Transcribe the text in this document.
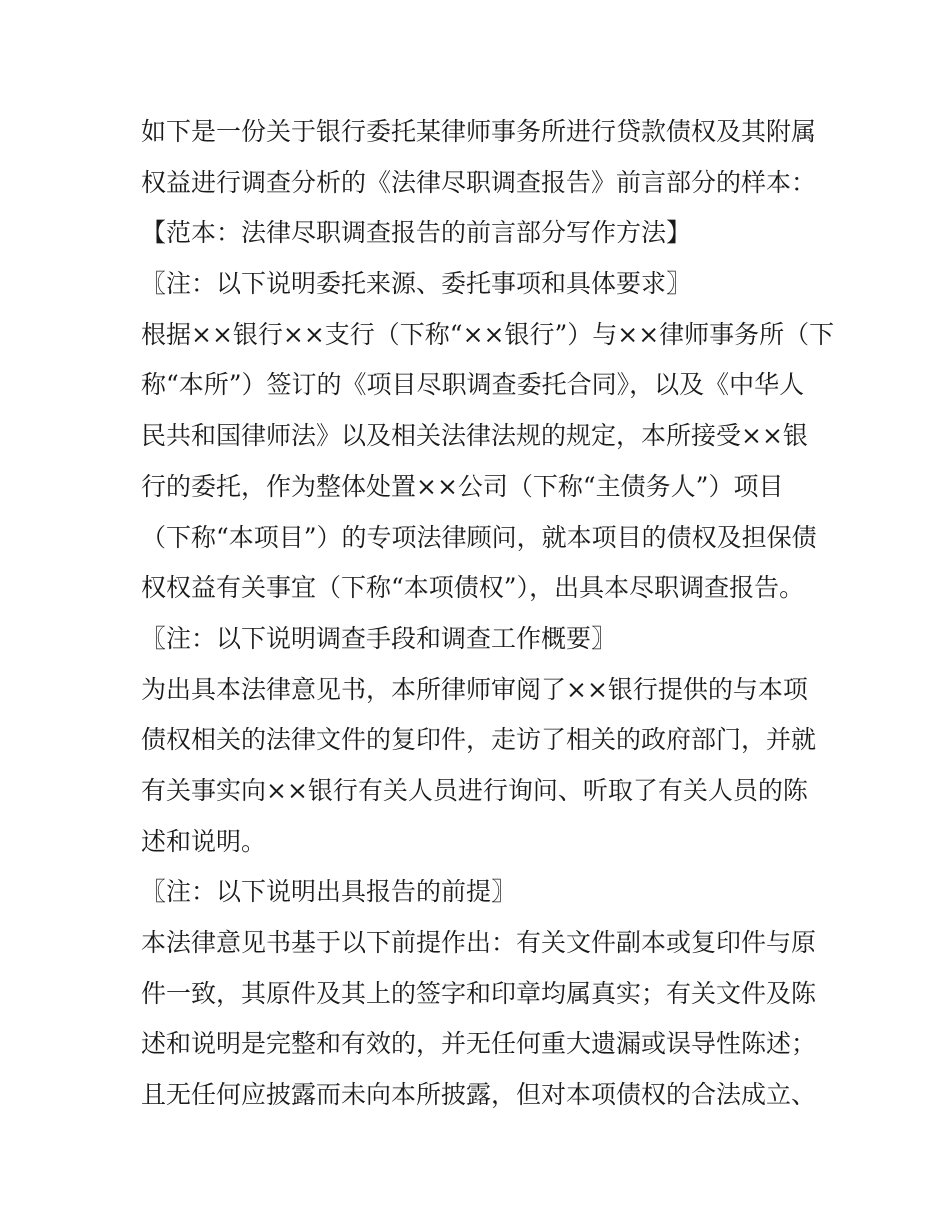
如下是一份关于银行委托某律师事务所进行贷款债权及其附属
权益进行调查分析的《法律尽职调查报告》前言部分的样本：
【范本：法律尽职调查报告的前言部分写作方法】
〖注：以下说明委托来源、委托事项和具体要求〗
根据××银行××支行（下称“××银行”）与××律师事务所（下
称“本所”）签订的《项目尽职调查委托合同》，以及《中华人
民共和国律师法》以及相关法律法规的规定，本所接受××银
行的委托，作为整体处置××公司（下称“主债务人”）项目
（下称“本项目”）的专项法律顾问，就本项目的债权及担保债
权权益有关事宜（下称“本项债权”），出具本尽职调查报告。
〖注：以下说明调查手段和调查工作概要〗
为出具本法律意见书，本所律师审阅了××银行提供的与本项
债权相关的法律文件的复印件，走访了相关的政府部门，并就
有关事实向××银行有关人员进行询问、听取了有关人员的陈
述和说明。
〖注：以下说明出具报告的前提〗
本法律意见书基于以下前提作出：有关文件副本或复印件与原
件一致，其原件及其上的签字和印章均属真实；有关文件及陈
述和说明是完整和有效的，并无任何重大遗漏或误导性陈述；
且无任何应披露而未向本所披露，但对本项债权的合法成立、
